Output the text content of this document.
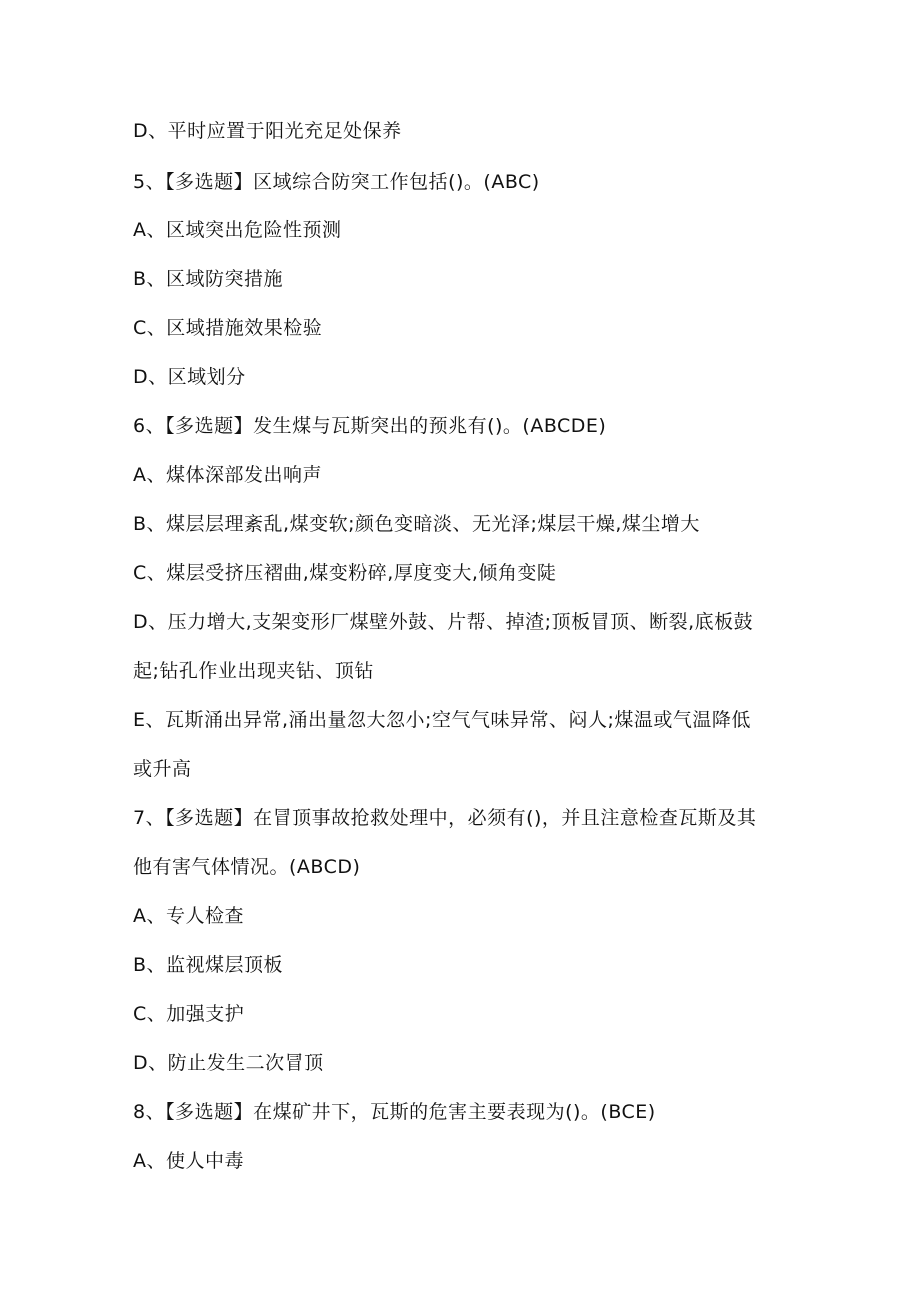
D、平时应置于阳光充足处保养
5、【多选题】区域综合防突工作包括()。(ABC)
A、区域突出危险性预测
B、区域防突措施
C、区域措施效果检验
D、区域划分
6、【多选题】发生煤与瓦斯突出的预兆有()。(ABCDE)
A、煤体深部发出响声
B、煤层层理紊乱,煤变软;颜色变暗淡、无光泽;煤层干燥,煤尘增大
C、煤层受挤压褶曲,煤变粉碎,厚度变大,倾角变陡
D、压力增大,支架变形厂煤壁外鼓、片帮、掉渣;顶板冒顶、断裂,底板鼓
起;钻孔作业出现夹钻、顶钻
E、瓦斯涌出异常,涌出量忽大忽小;空气气味异常、闷人;煤温或气温降低
或升高
7、【多选题】在冒顶事故抢救处理中，必须有()，并且注意检查瓦斯及其
他有害气体情况。(ABCD)
A、专人检查
B、监视煤层顶板
C、加强支护
D、防止发生二次冒顶
8、【多选题】在煤矿井下，瓦斯的危害主要表现为()。(BCE)
A、使人中毒
